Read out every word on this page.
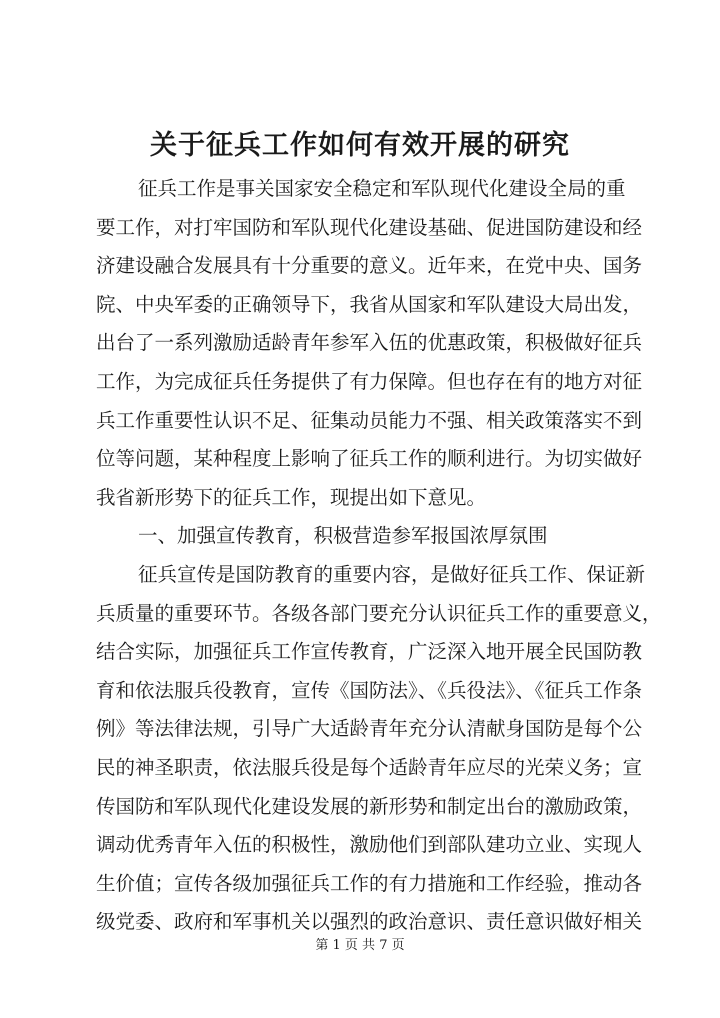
关于征兵工作如何有效开展的研究
征兵工作是事关国家安全稳定和军队现代化建设全局的重
要工作，对打牢国防和军队现代化建设基础、促进国防建设和经
济建设融合发展具有十分重要的意义。近年来，在党中央、国务
院、中央军委的正确领导下，我省从国家和军队建设大局出发，
出台了一系列激励适龄青年参军入伍的优惠政策，积极做好征兵
工作，为完成征兵任务提供了有力保障。但也存在有的地方对征
兵工作重要性认识不足、征集动员能力不强、相关政策落实不到
位等问题，某种程度上影响了征兵工作的顺利进行。为切实做好
我省新形势下的征兵工作，现提出如下意见。
一、加强宣传教育，积极营造参军报国浓厚氛围
征兵宣传是国防教育的重要内容，是做好征兵工作、保证新
兵质量的重要环节。各级各部门要充分认识征兵工作的重要意义，
结合实际，加强征兵工作宣传教育，广泛深入地开展全民国防教
育和依法服兵役教育，宣传《国防法》、《兵役法》、《征兵工作条
例》等法律法规，引导广大适龄青年充分认清献身国防是每个公
民的神圣职责，依法服兵役是每个适龄青年应尽的光荣义务；宣
传国防和军队现代化建设发展的新形势和制定出台的激励政策，
调动优秀青年入伍的积极性，激励他们到部队建功立业、实现人
生价值；宣传各级加强征兵工作的有力措施和工作经验，推动各
级党委、政府和军事机关以强烈的政治意识、责任意识做好相关
第 1 页 共 7 页
